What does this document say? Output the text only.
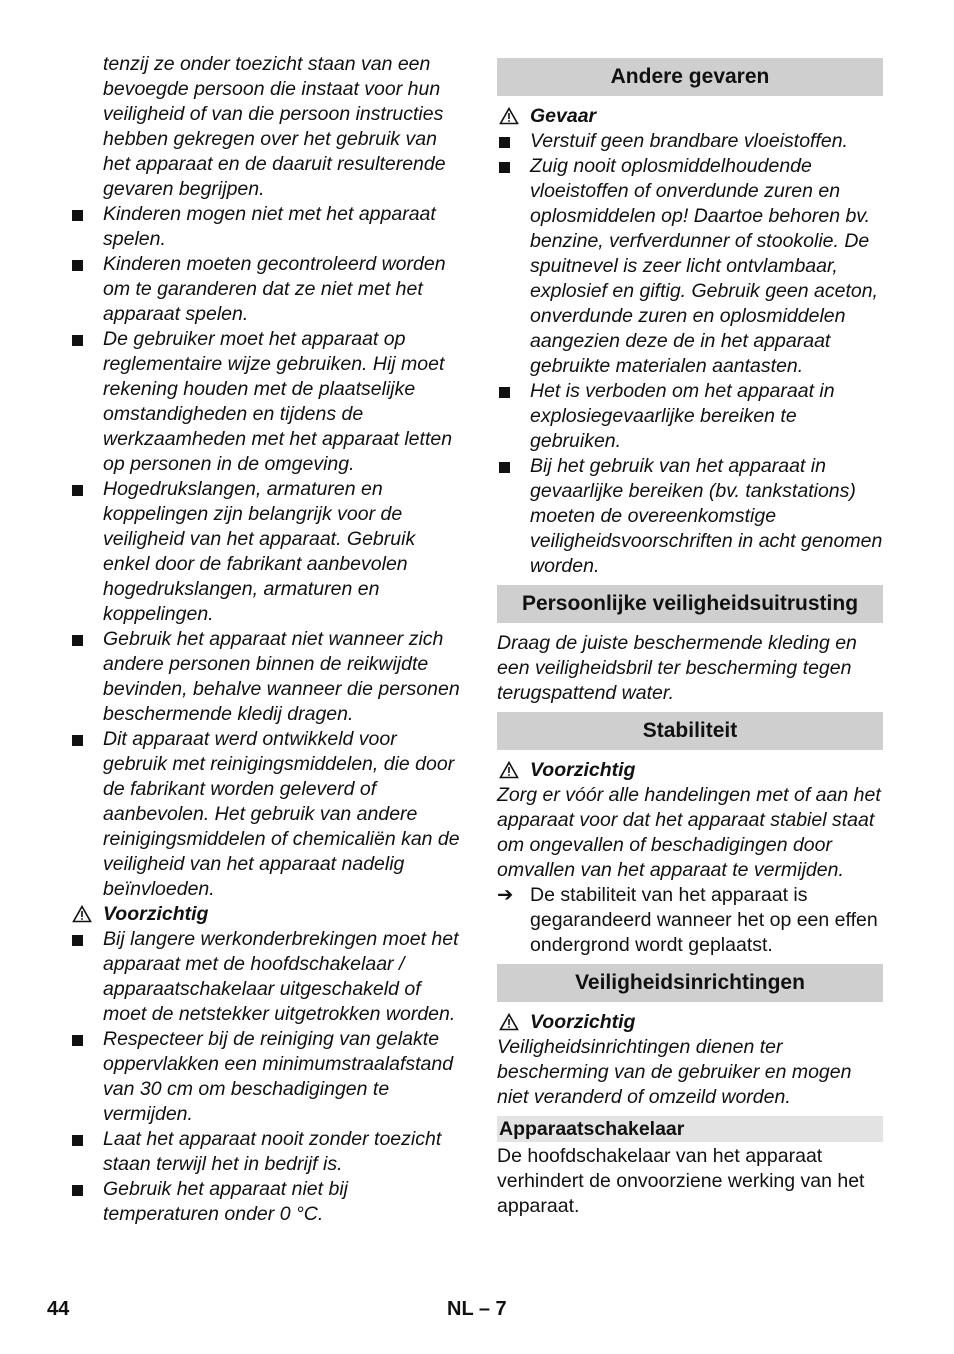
tenzij ze onder toezicht staan van een bevoegde persoon die instaat voor hun veiligheid of van die persoon instructies hebben gekregen over het gebruik van het apparaat en de daaruit resulterende gevaren begrijpen.

Kinderen mogen niet met het apparaat spelen.
Kinderen moeten gecontroleerd worden om te garanderen dat ze niet met het apparaat spelen.
De gebruiker moet het apparaat op reglementaire wijze gebruiken. Hij moet rekening houden met de plaatselijke omstandigheden en tijdens de werkzaamheden met het apparaat letten op personen in de omgeving.
Hogedrukslangen, armaturen en koppelingen zijn belangrijk voor de veiligheid van het apparaat. Gebruik enkel door de fabrikant aanbevolen hogedrukslangen, armaturen en koppelingen.
Gebruik het apparaat niet wanneer zich andere personen binnen de reikwijdte bevinden, behalve wanneer die personen beschermende kledij dragen.
Dit apparaat werd ontwikkeld voor gebruik met reinigingsmiddelen, die door de fabrikant worden geleverd of aanbevolen. Het gebruik van andere reinigingsmiddelen of chemicaliën kan de veiligheid van het apparaat nadelig beïnvloeden.
Voorzichtig
Bij langere werkonderbrekingen moet het apparaat met de hoofdschakelaar / apparaatschakelaar uitgeschakeld of moet de netstekker uitgetrokken worden.
Respecteer bij de reiniging van gelakte oppervlakken een minimumstraalafstand van 30 cm om beschadigingen te vermijden.
Laat het apparaat nooit zonder toezicht staan terwijl het in bedrijf is.
Gebruik het apparaat niet bij temperaturen onder 0 °C.
Andere gevaren
Gevaar
Verstuif geen brandbare vloeistoffen.
Zuig nooit oplosmiddelhoudende vloeistoffen of onverdunde zuren en oplosmiddelen op! Daartoe behoren bv. benzine, verfverdunner of stookolie. De spuitnevel is zeer licht ontvlambaar, explosief en giftig. Gebruik geen aceton, onverdunde zuren en oplosmiddelen aangezien deze de in het apparaat gebruikte materialen aantasten.
Het is verboden om het apparaat in explosiegevaarlijke bereiken te gebruiken.
Bij het gebruik van het apparaat in gevaarlijke bereiken (bv. tankstations) moeten de overeenkomstige veiligheidsvoorschriften in acht genomen worden.
Persoonlijke veiligheidsuitrusting

Draag de juiste beschermende kleding en een veiligheidsbril ter bescherming tegen terugspattend water.

Stabiliteit
Voorzichtig

Zorg er vóór alle handelingen met of aan het apparaat voor dat het apparaat stabiel staat om ongevallen of beschadigingen door omvallen van het apparaat te vermijden.

➔ De stabiliteit van het apparaat is gegarandeerd wanneer het op een effen ondergrond wordt geplaatst.
Veiligheidsinrichtingen
Voorzichtig

Veiligheidsinrichtingen dienen ter bescherming van de gebruiker en mogen niet veranderd of omzeild worden.

Apparaatschakelaar

De hoofdschakelaar van het apparaat verhindert de onvoorziene werking van het apparaat.

44	NL – 7
